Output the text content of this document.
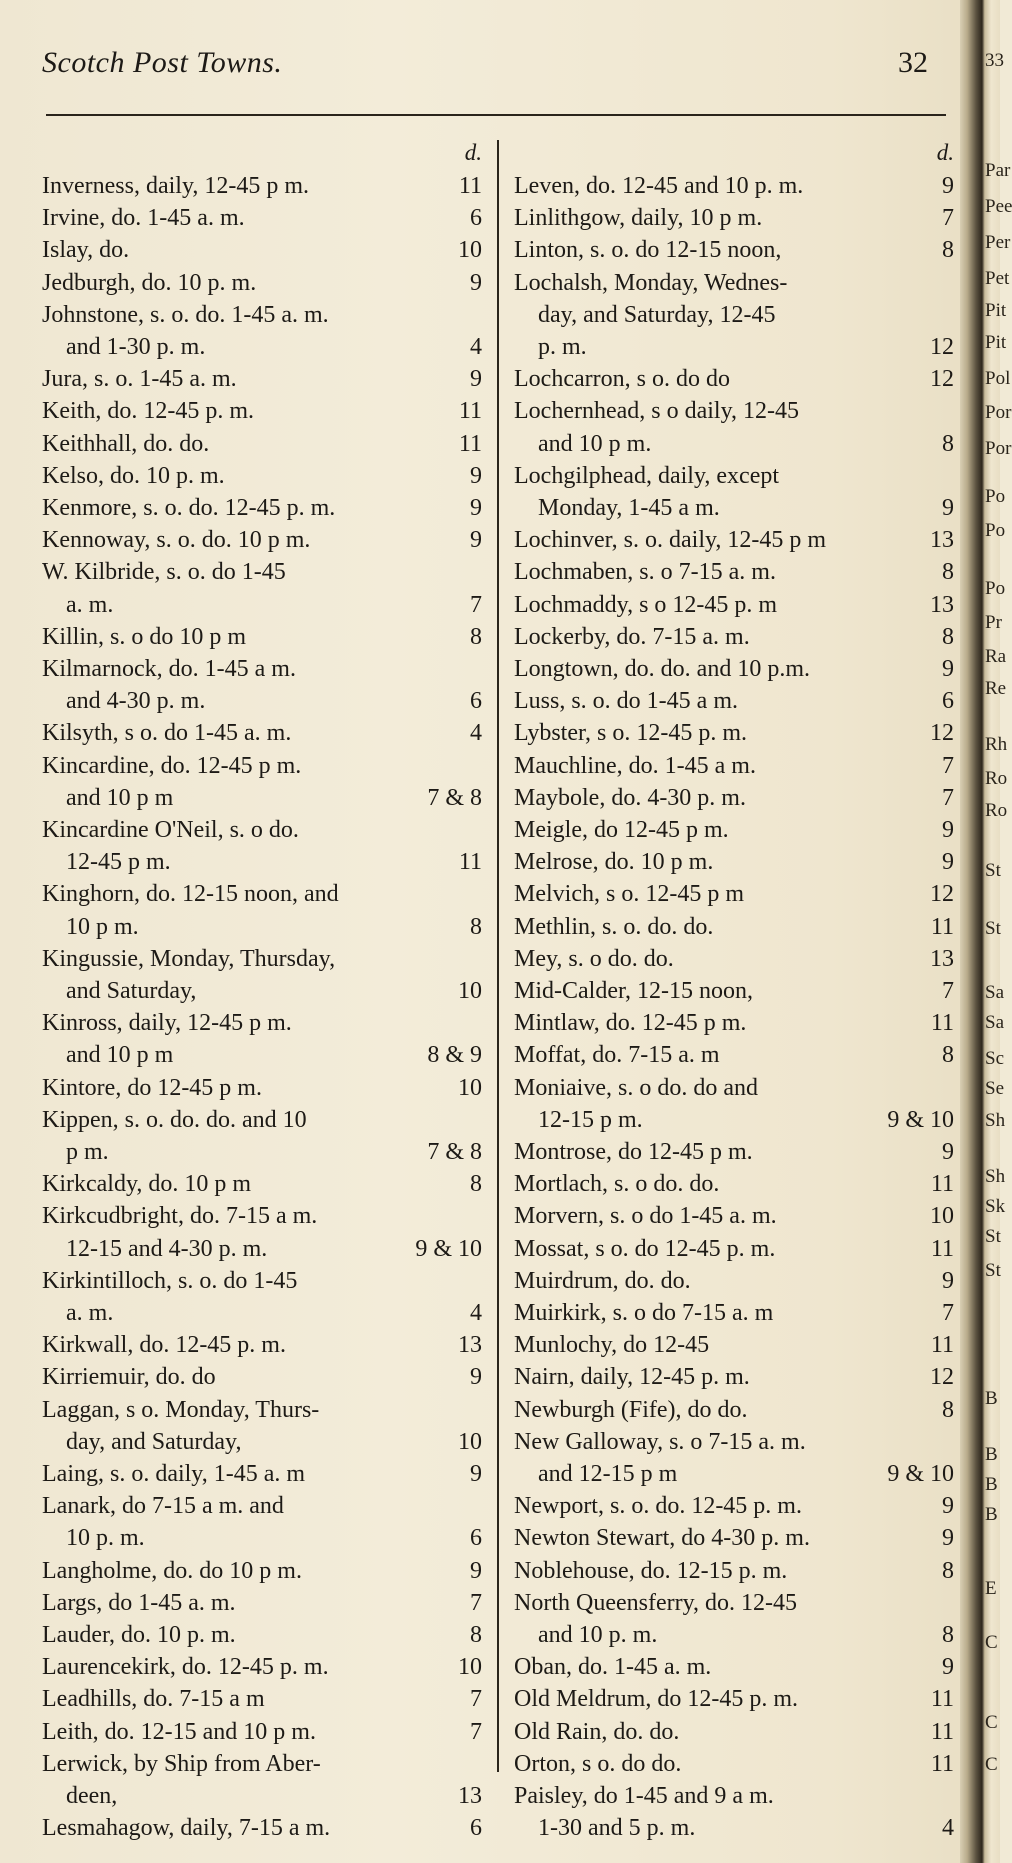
Scotch Post Towns.	32
d.
Inverness, daily, 12-45 p m.	11
Irvine, do. 1-45 a. m.	6
Islay, do.	10
Jedburgh, do. 10 p. m.	9
Johnstone, s. o. do. 1-45 a. m.
and 1-30 p. m.	4
Jura, s. o. 1-45 a. m.	9
Keith, do. 12-45 p. m.	11
Keithhall, do. do.	11
Kelso, do. 10 p. m.	9
Kenmore, s. o. do. 12-45 p. m.	9
Kennoway, s. o. do. 10 p m.	9
W. Kilbride, s. o. do 1-45
a. m.	7
Killin, s. o do 10 p m	8
Kilmarnock, do. 1-45 a m.
and 4-30 p. m.	6
Kilsyth, s o. do 1-45 a. m.	4
Kincardine, do. 12-45 p m.
and 10 p m	7 & 8
Kincardine O'Neil, s. o do.
12-45 p m.	11
Kinghorn, do. 12-15 noon, and
10 p m.	8
Kingussie, Monday, Thursday,
and Saturday,	10
Kinross, daily, 12-45 p m.
and 10 p m	8 & 9
Kintore, do 12-45 p m.	10
Kippen, s. o. do. do. and 10
p m.	7 & 8
Kirkcaldy, do. 10 p m	8
Kirkcudbright, do. 7-15 a m.
12-15 and 4-30 p. m.	9 & 10
Kirkintilloch, s. o. do 1-45
a. m.	4
Kirkwall, do. 12-45 p. m.	13
Kirriemuir, do. do	9
Laggan, s o. Monday, Thurs-
day, and Saturday,	10
Laing, s. o. daily, 1-45 a. m	9
Lanark, do 7-15 a m. and
10 p. m.	6
Langholme, do. do 10 p m.	9
Largs, do 1-45 a. m.	7
Lauder, do. 10 p. m.	8
Laurencekirk, do. 12-45 p. m.	10
Leadhills, do. 7-15 a m	7
Leith, do. 12-15 and 10 p m.	7
Lerwick, by Ship from Aber-
deen,	13
Lesmahagow, daily, 7-15 a m.	6
d.
Leven, do. 12-45 and 10 p. m.	9
Linlithgow, daily, 10 p m.	7
Linton, s. o. do 12-15 noon,	8
Lochalsh, Monday, Wednes-
day, and Saturday, 12-45
p. m.	12
Lochcarron, s o. do do	12
Lochernhead, s o daily, 12-45
and 10 p m.	8
Lochgilphead, daily, except
Monday, 1-45 a m.	9
Lochinver, s. o. daily, 12-45 p m	13
Lochmaben, s. o 7-15 a. m.	8
Lochmaddy, s o 12-45 p. m	13
Lockerby, do. 7-15 a. m.	8
Longtown, do. do. and 10 p.m.	9
Luss, s. o. do 1-45 a m.	6
Lybster, s o. 12-45 p. m.	12
Mauchline, do. 1-45 a m.	7
Maybole, do. 4-30 p. m.	7
Meigle, do 12-45 p m.	9
Melrose, do. 10 p m.	9
Melvich, s o. 12-45 p m	12
Methlin, s. o. do. do.	11
Mey, s. o do. do.	13
Mid-Calder, 12-15 noon,	7
Mintlaw, do. 12-45 p m.	11
Moffat, do. 7-15 a. m	8
Moniaive, s. o do. do and
12-15 p m.	9 & 10
Montrose, do 12-45 p m.	9
Mortlach, s. o do. do.	11
Morvern, s. o do 1-45 a. m.	10
Mossat, s o. do 12-45 p. m.	11
Muirdrum, do. do.	9
Muirkirk, s. o do 7-15 a. m	7
Munlochy, do 12-45	11
Nairn, daily, 12-45 p. m.	12
Newburgh (Fife), do do.	8
New Galloway, s. o 7-15 a. m.
and 12-15 p m	9 & 10
Newport, s. o. do. 12-45 p. m.	9
Newton Stewart, do 4-30 p. m.	9
Noblehouse, do. 12-15 p. m.	8
North Queensferry, do. 12-45
and 10 p. m.	8
Oban, do. 1-45 a. m.	9
Old Meldrum, do 12-45 p. m.	11
Old Rain, do. do.	11
Orton, s o. do do.	11
Paisley, do 1-45 and 9 a m.
1-30 and 5 p. m.	4
33
Par
Pee
Per
Pet
Pit
Pit
Pol
Por
Por
Po
Po
Po
Pr
Ra
Re
Rh
Ro
Ro
St
St
Sa
Sa
Sc
Se
Sh
Sh
Sk
St
St
B
B
B
B
E
C
C
C
